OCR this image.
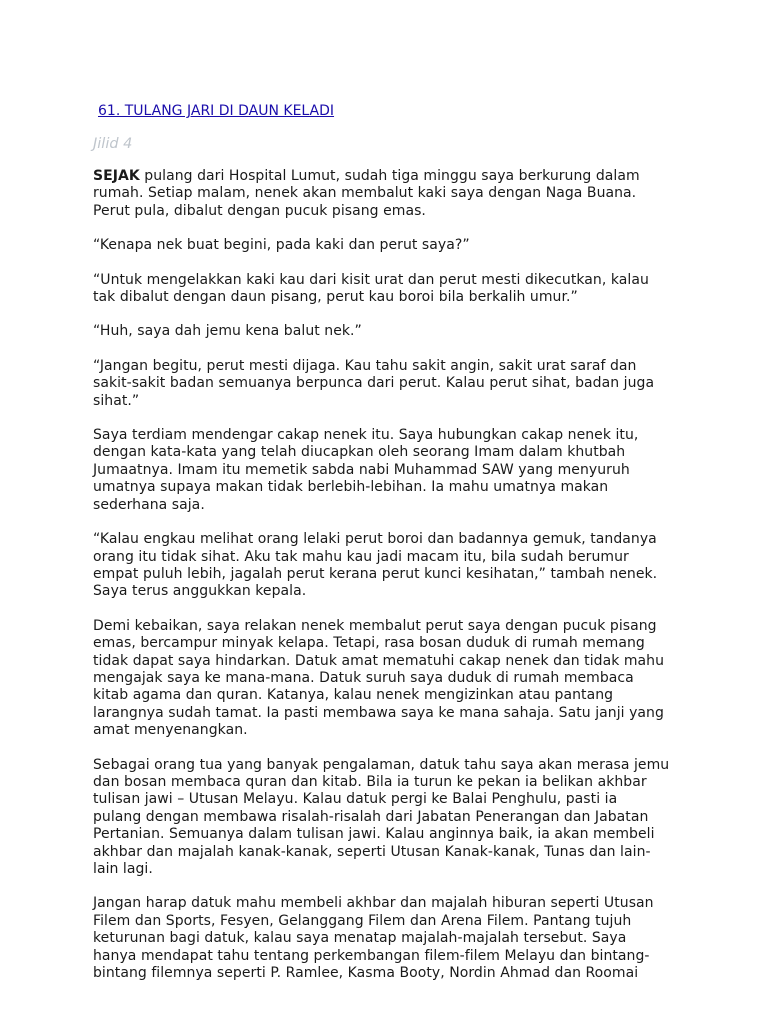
61. TULANG JARI DI DAUN KELADI
Jilid 4

SEJAK pulang dari Hospital Lumut, sudah tiga minggu saya berkurung dalam
rumah. Setiap malam, nenek akan membalut kaki saya dengan Naga Buana.
Perut pula, dibalut dengan pucuk pisang emas.

“Kenapa nek buat begini, pada kaki dan perut saya?”

“Untuk mengelakkan kaki kau dari kisit urat dan perut mesti dikecutkan, kalau
tak dibalut dengan daun pisang, perut kau boroi bila berkalih umur.”

“Huh, saya dah jemu kena balut nek.”

“Jangan begitu, perut mesti dijaga. Kau tahu sakit angin, sakit urat saraf dan
sakit-sakit badan semuanya berpunca dari perut. Kalau perut sihat, badan juga
sihat.”

Saya terdiam mendengar cakap nenek itu. Saya hubungkan cakap nenek itu,
dengan kata-kata yang telah diucapkan oleh seorang Imam dalam khutbah
Jumaatnya. Imam itu memetik sabda nabi Muhammad SAW yang menyuruh
umatnya supaya makan tidak berlebih-lebihan. Ia mahu umatnya makan
sederhana saja.

“Kalau engkau melihat orang lelaki perut boroi dan badannya gemuk, tandanya
orang itu tidak sihat. Aku tak mahu kau jadi macam itu, bila sudah berumur
empat puluh lebih, jagalah perut kerana perut kunci kesihatan,” tambah nenek.
Saya terus anggukkan kepala.

Demi kebaikan, saya relakan nenek membalut perut saya dengan pucuk pisang
emas, bercampur minyak kelapa. Tetapi, rasa bosan duduk di rumah memang
tidak dapat saya hindarkan. Datuk amat mematuhi cakap nenek dan tidak mahu
mengajak saya ke mana-mana. Datuk suruh saya duduk di rumah membaca
kitab agama dan quran. Katanya, kalau nenek mengizinkan atau pantang
larangnya sudah tamat. Ia pasti membawa saya ke mana sahaja. Satu janji yang
amat menyenangkan.

Sebagai orang tua yang banyak pengalaman, datuk tahu saya akan merasa jemu
dan bosan membaca quran dan kitab. Bila ia turun ke pekan ia belikan akhbar
tulisan jawi – Utusan Melayu. Kalau datuk pergi ke Balai Penghulu, pasti ia
pulang dengan membawa risalah-risalah dari Jabatan Penerangan dan Jabatan
Pertanian. Semuanya dalam tulisan jawi. Kalau anginnya baik, ia akan membeli
akhbar dan majalah kanak-kanak, seperti Utusan Kanak-kanak, Tunas dan lain-
lain lagi.

Jangan harap datuk mahu membeli akhbar dan majalah hiburan seperti Utusan
Filem dan Sports, Fesyen, Gelanggang Filem dan Arena Filem. Pantang tujuh
keturunan bagi datuk, kalau saya menatap majalah-majalah tersebut. Saya
hanya mendapat tahu tentang perkembangan filem-filem Melayu dan bintang-
bintang filemnya seperti P. Ramlee, Kasma Booty, Nordin Ahmad dan Roomai
